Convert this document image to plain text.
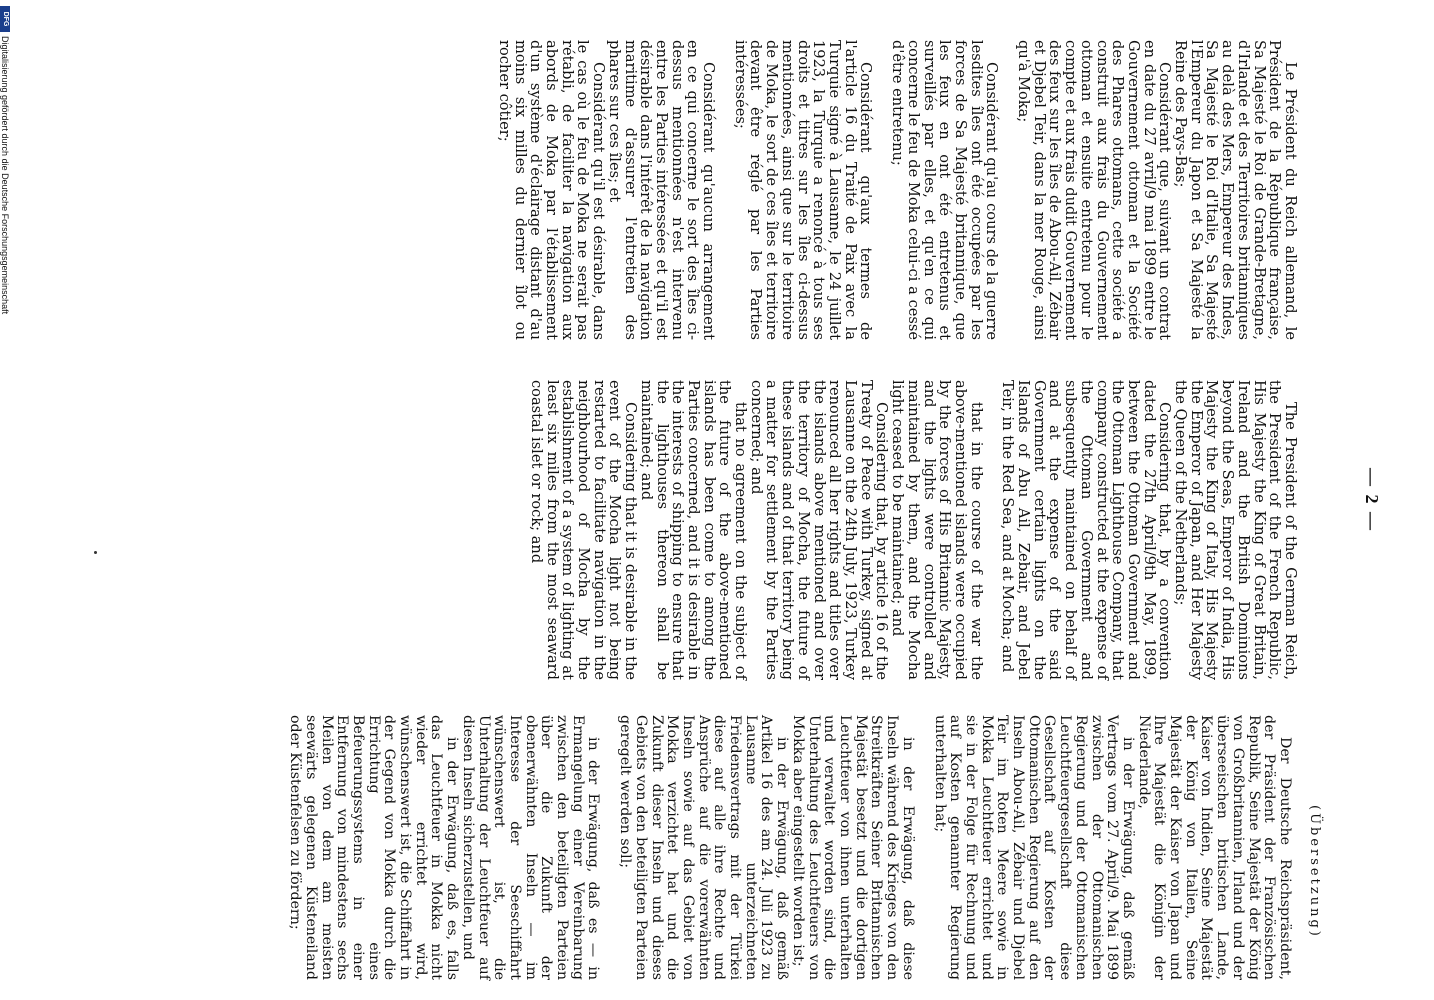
— 2 —

Le Président du Reich allemand, le Président de la République française, Sa Majesté le Roi de Grande-Bretagne, d'Irlande et des Territoires britanniques au delà des Mers, Empereur des Indes, Sa Majesté le Roi d'Italie, Sa Majesté l'Empereur du Japon et Sa Majesté la Reine des Pays-Bas;

Considérant que, suivant un contrat en date du 27 avril/9 mai 1899 entre le Gouvernement ottoman et la Société des Phares ottomans, cette société a construit aux frais du Gouvernement ottoman et ensuite entretenu pour le compte et aux frais dudit Gouvernement des feux sur les îles de Abou-Ail, Zébair et Djebel Teir, dans la mer Rouge, ainsi qu'à Moka;

Considérant qu'au cours de la guerre lesdites îles ont été occupées par les forces de Sa Majesté britannique, que les feux en ont été entretenus et surveillés par elles, et qu'en ce qui concerne le feu de Moka celui-ci a cessé d'être entretenu;

Considérant qu'aux termes de l'article 16 du Traité de Paix avec la Turquie signé à Lausanne, le 24 juillet 1923, la Turquie a renoncé à tous ses droits et titres sur les îles ci-dessus mentionnées, ainsi que sur le territoire de Moka, le sort de ces îles et territoire devant être réglé par les Parties intéressées;

Considérant qu'aucun arrangement en ce qui concerne le sort des îles ci-dessus mentionnées n'est intervenu entre les Parties intéressées et qu'il est désirable dans l'intérêt de la navigation maritime d'assurer l'entretien des phares sur ces îles; et

Considérant qu'il est désirable, dans le cas où le feu de Moka ne serait pas rétabli, de faciliter la navigation aux abords de Moka par l'établissement d'un système d'éclairage distant d'au moins six milles du dernier îlot ou rocher côtier;

The President of the German Reich, the President of the French Republic, His Majesty the King of Great Britain, Ireland and the British Dominions beyond the Seas, Emperor of India, His Majesty the King of Italy, His Majesty the Emperor of Japan, and Her Majesty the Queen of the Netherlands;

Considering that, by a convention dated the 27th April/9th May, 1899, between the Ottoman Government and the Ottoman Lighthouse Company, that company constructed at the expense of the Ottoman Government and subsequently maintained on behalf of and at the expense of the said Government certain lights on the Islands of Abu Ail, Zebair, and Jebel Teir, in the Red Sea, and at Mocha; and

that in the course of the war the above-mentioned islands were occupied by the forces of His Britannic Majesty, and the lights were controlled and maintained by them, and the Mocha light ceased to be maintained; and

Considering that, by article 16 of the Treaty of Peace with Turkey, signed at Lausanne on the 24th July, 1923, Turkey renounced all her rights and titles over the islands above mentioned and over the territory of Mocha, the future of these islands and of that territory being a matter for settlement by the Parties concerned; and

that no agreement on the subject of the future of the above-mentioned islands has been come to among the Parties concerned, and it is desirable in the interests of shipping to ensure that the lighthouses thereon shall be maintained; and

Considering that it is desirable in the event of the Mocha light not being restarted to facilitate navigation in the neighbourhood of Mocha by the establishment of a system of lighting at least six miles from the most seaward coastal islet or rock; and

(Übersetzung)

Der Deutsche Reichspräsident, der Präsident der Französischen Republik, Seine Majestät der König von Großbritannien, Irland und der überseeischen britischen Lande, Kaiser von Indien, Seine Majestät der König von Italien, Seine Majestät der Kaiser von Japan und Ihre Majestät die Königin der Niederlande,

in der Erwägung, daß gemäß Vertrags vom 27. April/9. Mai 1899 zwischen der Ottomanischen Regierung und der Ottomanischen Leuchtfeuergesellschaft diese Gesellschaft auf Kosten der Ottomanischen Regierung auf den Inseln Abou-Ail, Zébair und Djebel Teir im Roten Meere sowie in Mokka Leuchtfeuer errichtet und sie in der Folge für Rechnung und auf Kosten genannter Regierung unterhalten hat;

in der Erwägung, daß diese Inseln während des Krieges von den Streitkräften Seiner Britannischen Majestät besetzt und die dortigen Leuchtfeuer von ihnen unterhalten und verwaltet worden sind, die Unterhaltung des Leuchtfeuers von Mokka aber eingestellt worden ist;

in der Erwägung, daß gemäß Artikel 16 des am 24. Juli 1923 zu Lausanne unterzeichneten Friedensvertrags mit der Türkei diese auf alle ihre Rechte und Ansprüche auf die vorerwähnten Inseln sowie auf das Gebiet von Mokka verzichtet hat und die Zukunft dieser Inseln und dieses Gebiets von den beteiligten Parteien geregelt werden soll;

in der Erwägung, daß es — in Ermangelung einer Vereinbarung zwischen den beteiligten Parteien über die Zukunft der obenerwähnten Inseln — im Interesse der Seeschiffahrt wünschenswert ist, die Unterhaltung der Leuchtfeuer auf diesen Inseln sicherzustellen, und

in der Erwägung, daß es, falls das Leuchtfeuer in Mokka nicht wieder errichtet wird, wünschenswert ist, die Schiffahrt in der Gegend von Mokka durch die Errichtung eines Befeuerungssystems in einer Entfernung von mindestens sechs Meilen von dem am meisten seewärts gelegenen Küsteneiland oder Küstenfelsen zu fördern;

DFG
Digitalisierung gefördert durch die Deutsche Forschungsgemeinschaft
